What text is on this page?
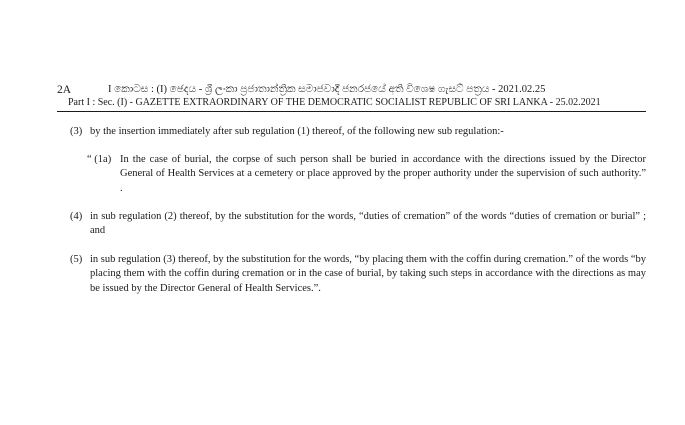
2A	I කොටස : (I) ඡෙදය - ශ්‍රී ලංකා ප්‍රජාතාන්ත්‍රික සමාජවාදී ජනරජයේ අති විශෙෂ ගැසට් පත්‍රය - 2021.02.25
Part I : Sec. (I) - GAZETTE EXTRAORDINARY OF THE DEMOCRATIC SOCIALIST REPUBLIC OF SRI LANKA - 25.02.2021
(3) by the insertion immediately after sub regulation (1) thereof, of the following new sub regulation:-
“ (1a) In the case of burial, the corpse of such person shall be buried in accordance with the directions issued by the Director General of Health Services at a cemetery or place approved by the proper authority under the supervision of such authority.” .
(4) in sub regulation (2) thereof, by the substitution for the words, “duties of cremation” of the words “duties of cremation or burial” ; and
(5) in sub regulation (3) thereof, by the substitution for the words, “by placing them with the coffin during cremation.” of the words “by placing them with the coffin during cremation or in the case of burial, by taking such steps in accordance with the directions as may be issued by the Director General of Health Services.”.
